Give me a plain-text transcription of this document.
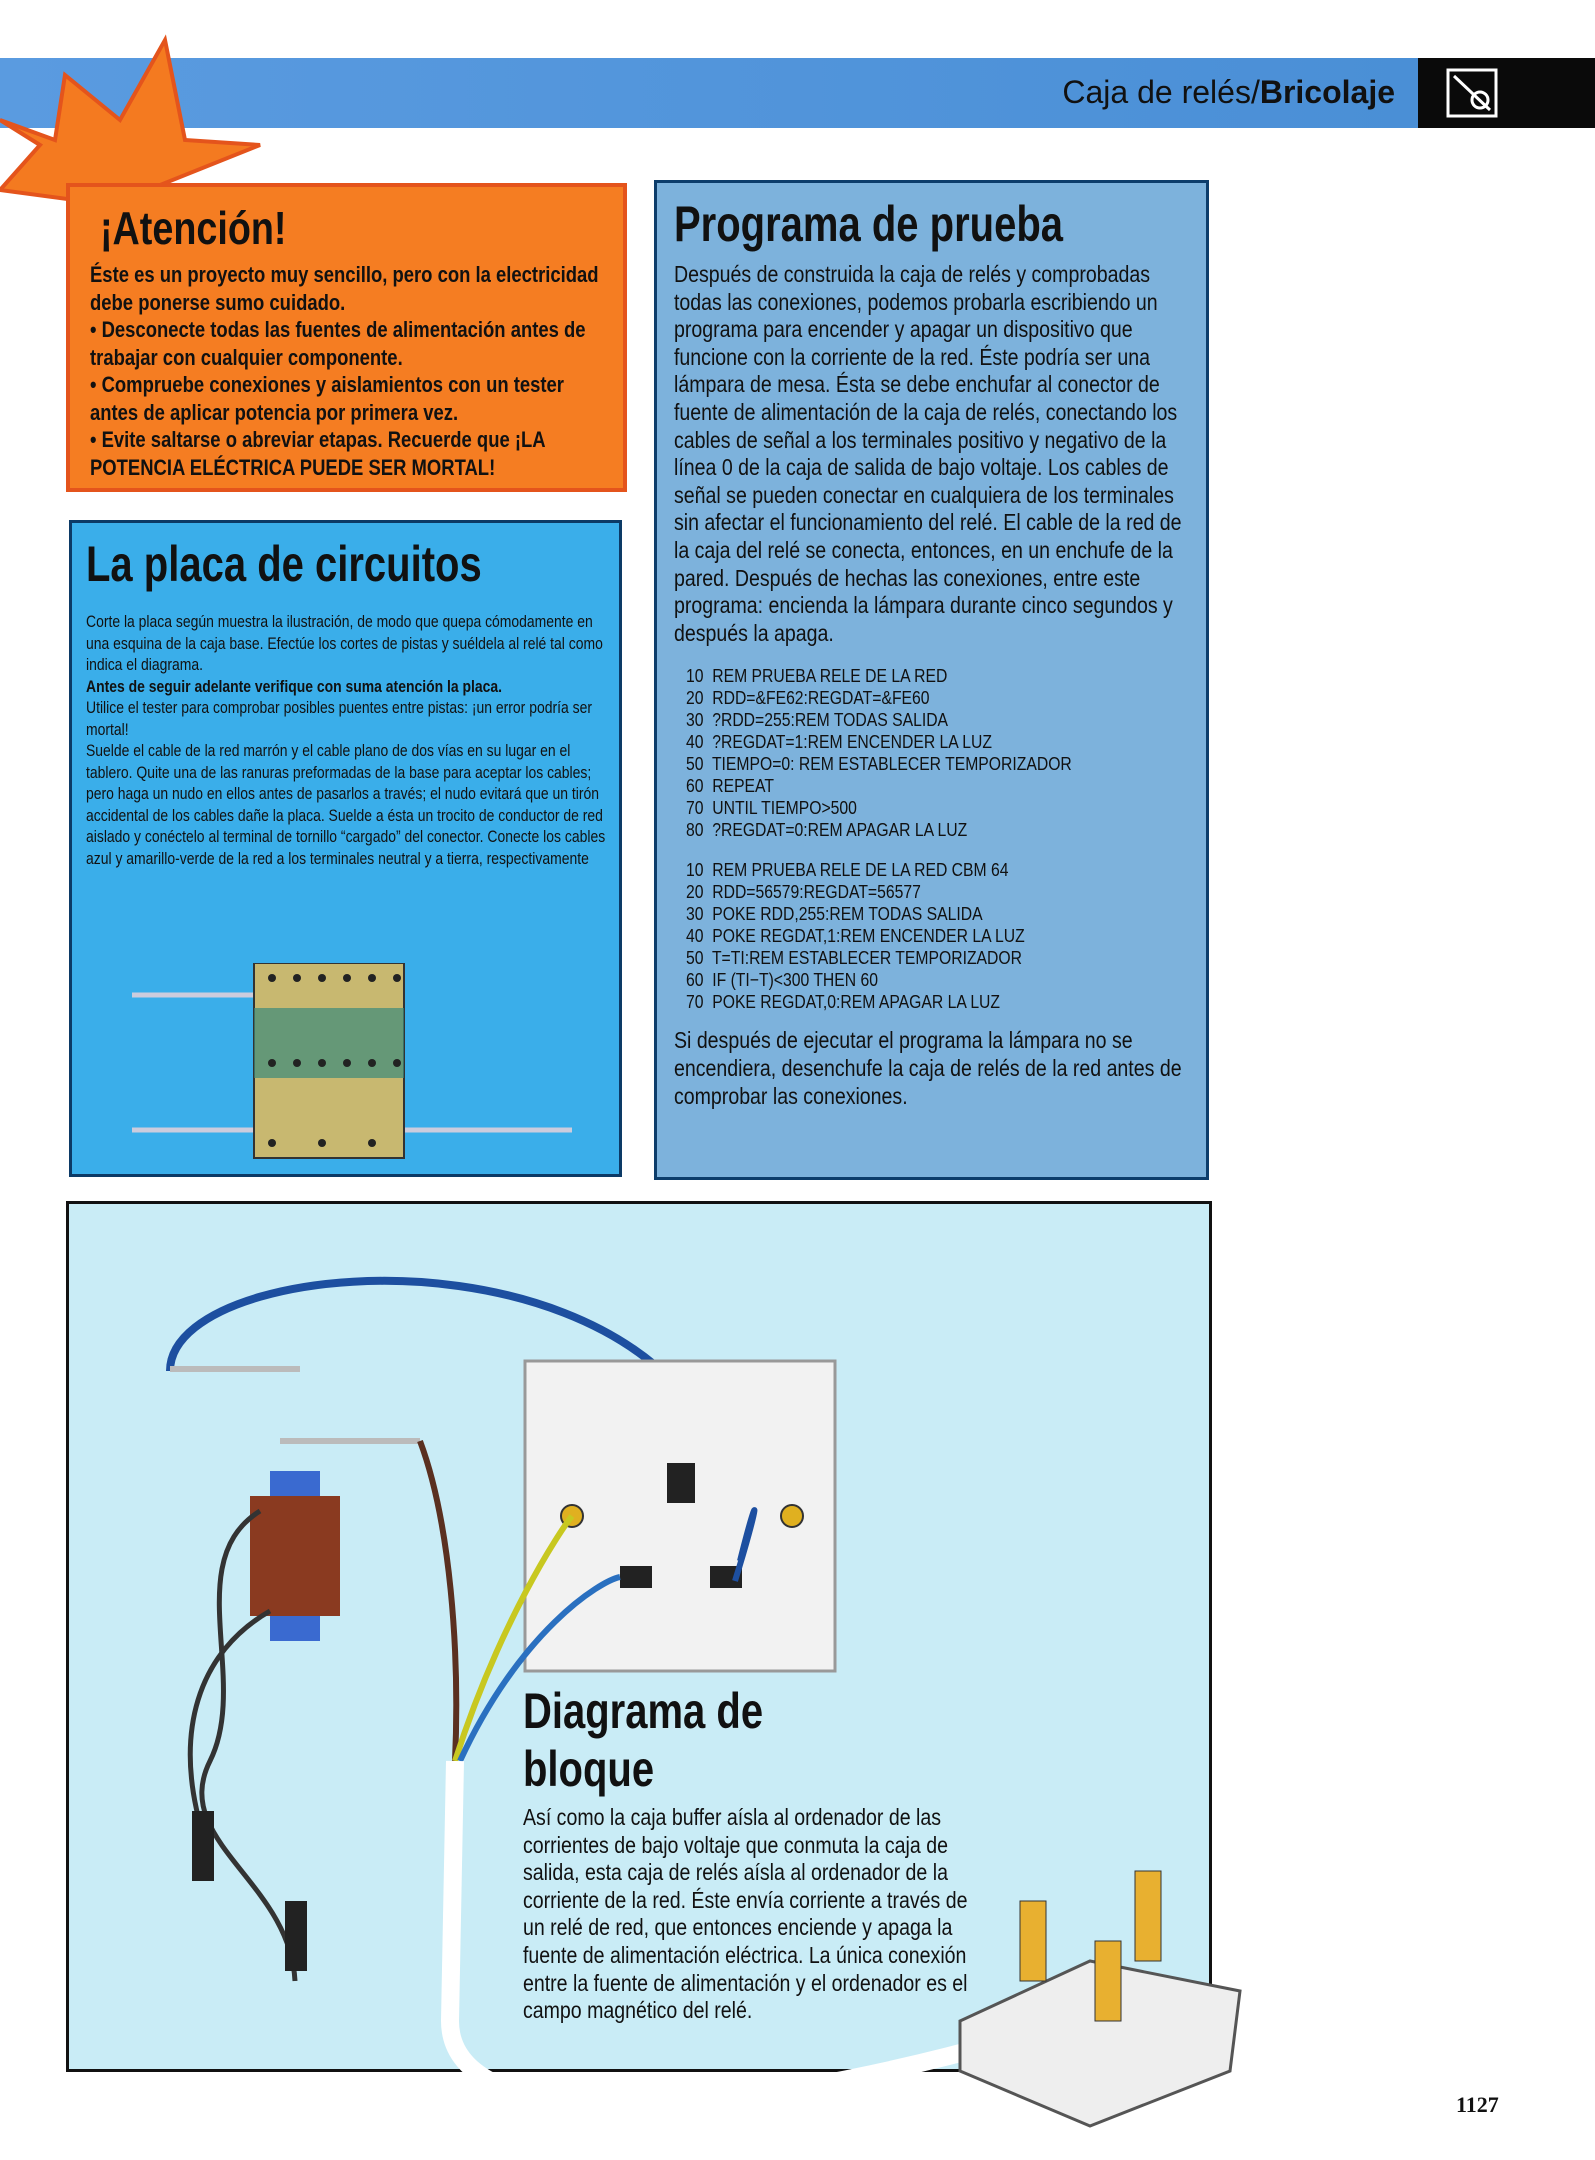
Caja de relés/Bricolaje
¡Atención!

Éste es un proyecto muy sencillo, pero con la electricidad debe ponerse sumo cuidado.

• Desconecte todas las fuentes de alimentación antes de trabajar con cualquier componente.

• Compruebe conexiones y aislamientos con un tester antes de aplicar potencia por primera vez.

• Evite saltarse o abreviar etapas. Recuerde que ¡LA POTENCIA ELÉCTRICA PUEDE SER MORTAL!

La placa de circuitos

Corte la placa según muestra la ilustración, de modo que quepa cómodamente en una esquina de la caja base. Efectúe los cortes de pistas y suéldela al relé tal como indica el diagrama.

Antes de seguir adelante verifique con suma atención la placa.

Utilice el tester para comprobar posibles puentes entre pistas: ¡un error podría ser mortal!

Suelde el cable de la red marrón y el cable plano de dos vías en su lugar en el tablero. Quite una de las ranuras preformadas de la base para aceptar los cables; pero haga un nudo en ellos antes de pasarlos a través; el nudo evitará que un tirón accidental de los cables dañe la placa. Suelde a ésta un trocito de conductor de red aislado y conéctelo al terminal de tornillo “cargado” del conector. Conecte los cables azul y amarillo-verde de la red a los terminales neutral y a tierra, respectivamente

Programa de prueba

Después de construida la caja de relés y comprobadas todas las conexiones, podemos probarla escribiendo un programa para encender y apagar un dispositivo que funcione con la corriente de la red. Éste podría ser una lámpara de mesa. Ésta se debe enchufar al conector de fuente de alimentación de la caja de relés, conectando los cables de señal a los terminales positivo y negativo de la línea 0 de la caja de salida de bajo voltaje. Los cables de señal se pueden conectar en cualquiera de los terminales sin afectar el funcionamiento del relé. El cable de la red de la caja del relé se conecta, entonces, en un enchufe de la pared. Después de hechas las conexiones, entre este programa: encienda la lámpara durante cinco segundos y después la apaga.

10  REM PRUEBA RELE DE LA RED
20  RDD=&FE62:REGDAT=&FE60
30  ?RDD=255:REM TODAS SALIDA
40  ?REGDAT=1:REM ENCENDER LA LUZ
50  TIEMPO=0: REM ESTABLECER TEMPORIZADOR
60  REPEAT
70  UNTIL TIEMPO>500
80  ?REGDAT=0:REM APAGAR LA LUZ
10  REM PRUEBA RELE DE LA RED CBM 64
20  RDD=56579:REGDAT=56577
30  POKE RDD,255:REM TODAS SALIDA
40  POKE REGDAT,1:REM ENCENDER LA LUZ
50  T=TI:REM ESTABLECER TEMPORIZADOR
60  IF (TI−T)<300 THEN 60
70  POKE REGDAT,0:REM APAGAR LA LUZ

Si después de ejecutar el programa la lámpara no se encendiera, desenchufe la caja de relés de la red antes de comprobar las conexiones.

Diagrama de bloque

Así como la caja buffer aísla al ordenador de las corrientes de bajo voltaje que conmuta la caja de salida, esta caja de relés aísla al ordenador de la corriente de la red. Éste envía corriente a través de un relé de red, que entonces enciende y apaga la fuente de alimentación eléctrica. La única conexión entre la fuente de alimentación y el ordenador es el campo magnético del relé.

1127
